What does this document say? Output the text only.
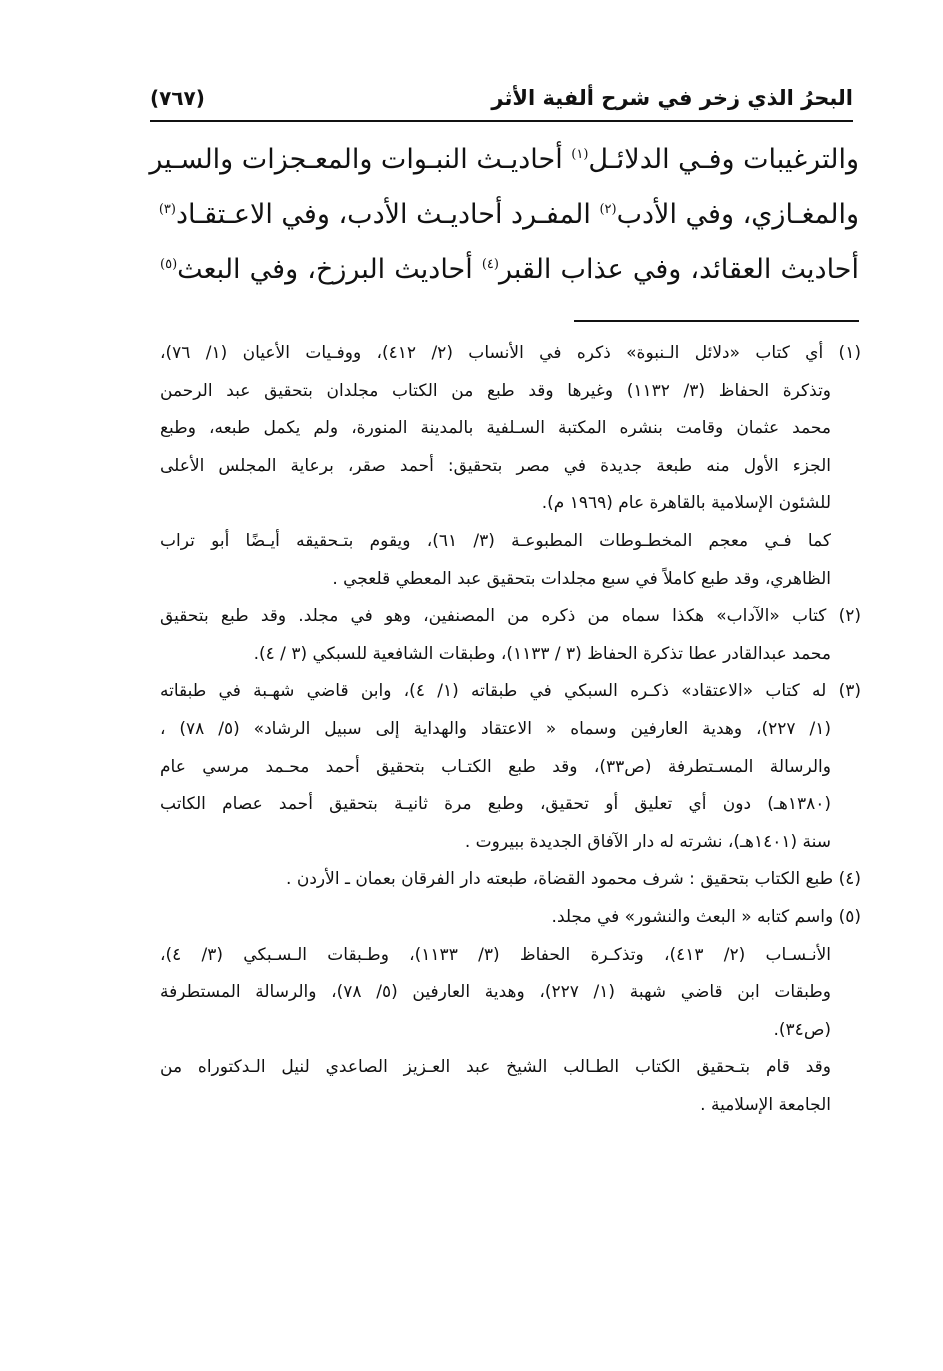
البحرُ الذي زخر في شرح ألفية الأثر
(٧٦٧)
والترغيبات وفـي الدلائـل$^{(١)}$ أحاديـث النبـوات والمعـجزات والسـير
والمغـازي، وفي الأدب$^{(٢)}$ المفـرد أحاديـث الأدب، وفي الاعـتقـاد$^{(٣)}$
أحاديث العقائد، وفي عذاب القبر$^{(٤)}$ أحاديث البرزخ، وفي البعث$^{(٥)}$
(١) أي كتاب «دلائل الـنبوة» ذكره في الأنساب (٢/ ٤١٢)، ووفـيات الأعيان (١/ ٧٦)،
وتذكرة الحفاظ (٣/ ١١٣٢) وغيرها وقد طبع من الكتاب مجلدان بتحقيق عبد الرحمن
محمد عثمان وقامت بنشره المكتبة السـلفية بالمدينة المنورة، ولم يكمل طبعه، وطبع
الجزء الأول منه طبعة جديدة في مصر بتحقيق: أحمد صقر، برعاية المجلس الأعلى
للشئون الإسلامية بالقاهرة عام (١٩٦٩ م).
كما فـي معجم المخطـوطات المطبوعـة (٣/ ٦١)، ويقوم بتـحقيقه أيـضًا أبو تراب
الظاهري، وقد طبع كاملاً في سبع مجلدات بتحقيق عبد المعطي قلعجي .
(٢) كتاب «الآداب» هكذا سماه من ذكره من المصنفين، وهو في مجلد. وقد طبع بتحقيق
محمد عبدالقادر عطا تذكرة الحفاظ (٣ / ١١٣٣)، وطبقات الشافعية للسبكي (٣ / ٤).
(٣) له كتاب «الاعتقاد» ذكـره السبكي في طبقاته (١/ ٤)، وابن قاضي شهـبة في طبقاته
(١/ ٢٢٧)، وهدية العارفين وسماه « الاعتقاد والهداية إلى سبيل الرشاد» (٥/ ٧٨) ،
والرسالة المسـتطرفة (ص٣٣)، وقد طبع الكتـاب بتحقيق أحمد محـمد مرسي عام
(١٣٨٠هـ) دون أي تعليق أو تحقيق، وطبع مرة ثانيـة بتحقيق أحمد عصام الكاتب
سنة (١٤٠١هـ)، نشرته له دار الآفاق الجديدة ببيروت .
(٤) طبع الكتاب بتحقيق : شرف محمود القضاة، طبعته دار الفرقان بعمان ـ الأردن .
(٥) واسم كتابه « البعث والنشور» في مجلد.
الأنـسـاب (٢/ ٤١٣)، وتذكـرة الحفاظ (٣/ ١١٣٣)، وطـبقات الـسـبكي (٣/ ٤)،
وطبقات ابن قاضي شهبة (١/ ٢٢٧)، وهدية العارفين (٥/ ٧٨)، والرسالة المستطرفة
(ص٣٤).
وقد قام بتـحقيق الكتاب الطـالب الشيخ عبد العـزيز الصاعدي لنيل الـدكتوراه من
الجامعة الإسلامية .
